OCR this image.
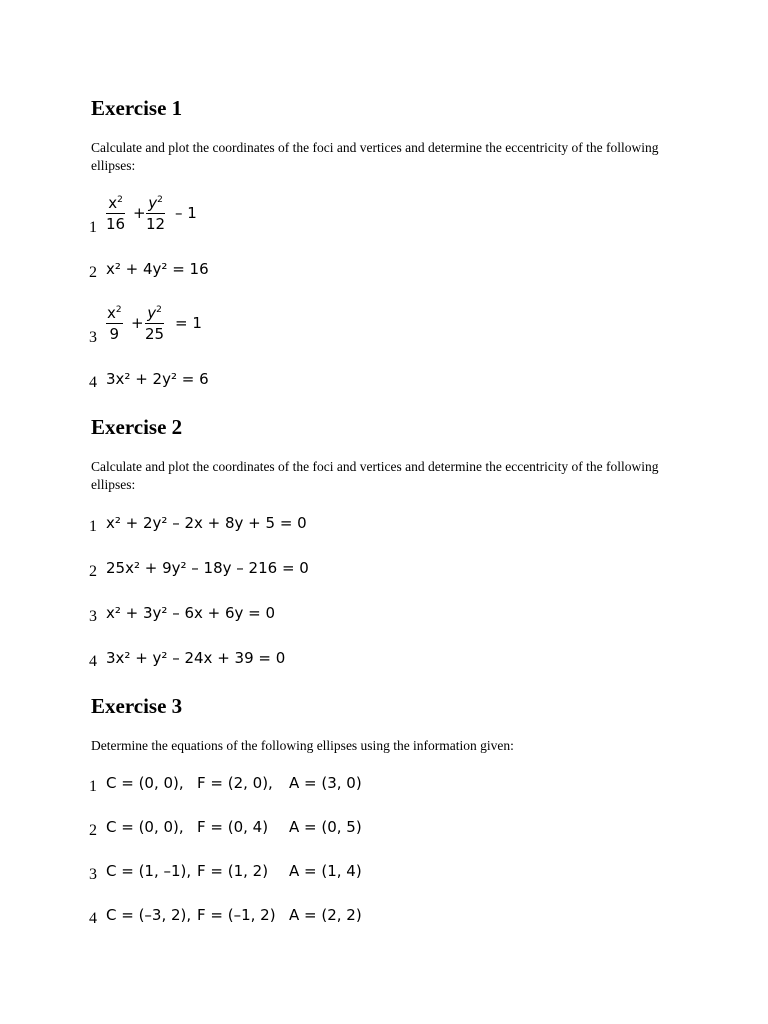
Exercise 1

Calculate and plot the coordinates of the foci and vertices and determine the eccentricity of the following ellipses:

$1 \frac{x^2}{16} + \frac{y^2}{12} - 1$
2 x² + 4y² = 16
$3 \frac{x^2}{9} + \frac{y^2}{25} = 1$
4 3x² + 2y² = 6
Exercise 2

Calculate and plot the coordinates of the foci and vertices and determine the eccentricity of the following ellipses:

1 x² + 2y² – 2x + 8y + 5 = 0
2 25x² + 9y² – 18y – 216 = 0
3 x² + 3y² – 6x + 6y = 0
4 3x² + y² – 24x + 39 = 0
Exercise 3

Determine the equations of the following ellipses using the information given:

1 C = (0, 0), F = (2, 0), A = (3, 0)
2 C = (0, 0), F = (0, 4) A = (0, 5)
3 C = (1, –1), F = (1, 2) A = (1, 4)
4 C = (–3, 2), F = (–1, 2) A = (2, 2)
